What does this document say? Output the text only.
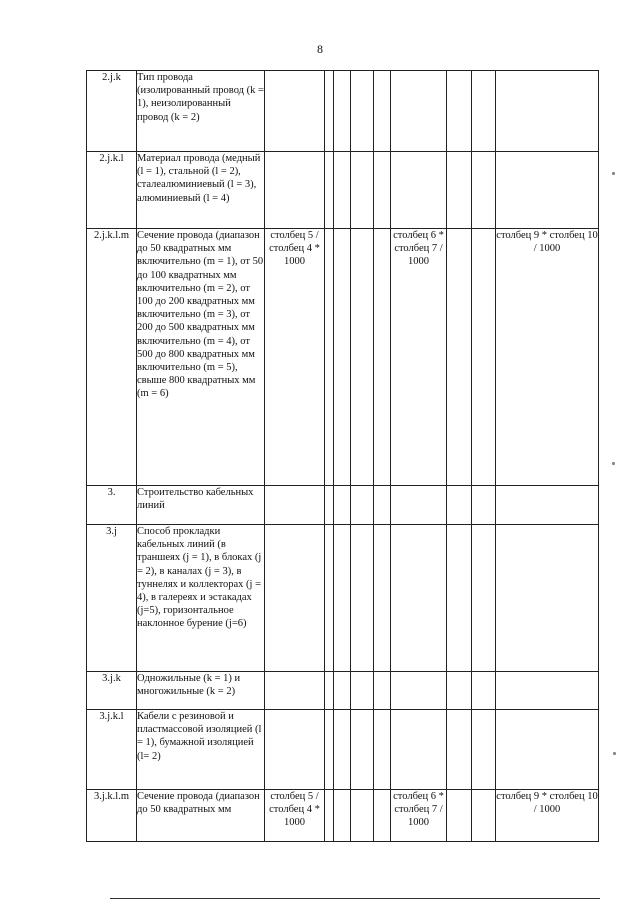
8
2.j.k	Тип провода (изолированный провод (k = 1), неизолированный провод (k = 2)									
2.j.k.l	Материал провода (медный (l = 1), стальной (l = 2), сталеалюминиевый (l = 3), алюминиевый (l = 4)									
2.j.k.l.m	Сечение провода (диапазон до 50 квадратных мм включительно (m = 1), от 50 до 100 квадратных мм включительно (m = 2), от 100 до 200 квадратных мм включительно (m = 3), от 200 до 500 квадратных мм включительно (m = 4), от 500 до 800 квадратных мм включительно (m = 5), свыше 800 квадратных мм (m = 6)	столбец 5 / столбец 4 * 1000					столбец 6 * столбец 7 / 1000			столбец 9 * столбец 10 / 1000
3.	Строительство кабельных линий									
3.j	Способ прокладки кабельных линий (в траншеях (j = 1), в блоках (j = 2), в каналах (j = 3), в туннелях и коллекторах (j = 4), в галереях и эстакадах (j=5), горизонтальное наклонное бурение (j=6)									
3.j.k	Одножильные (k = 1) и многожильные (k = 2)									
3.j.k.l	Кабели с резиновой и пластмассовой изоляцией (l = 1), бумажной изоляцией (l= 2)									
3.j.k.l.m	Сечение провода (диапазон до 50 квадратных мм	столбец 5 / столбец 4 * 1000					столбец 6 * столбец 7 / 1000			столбец 9 * столбец 10 / 1000
